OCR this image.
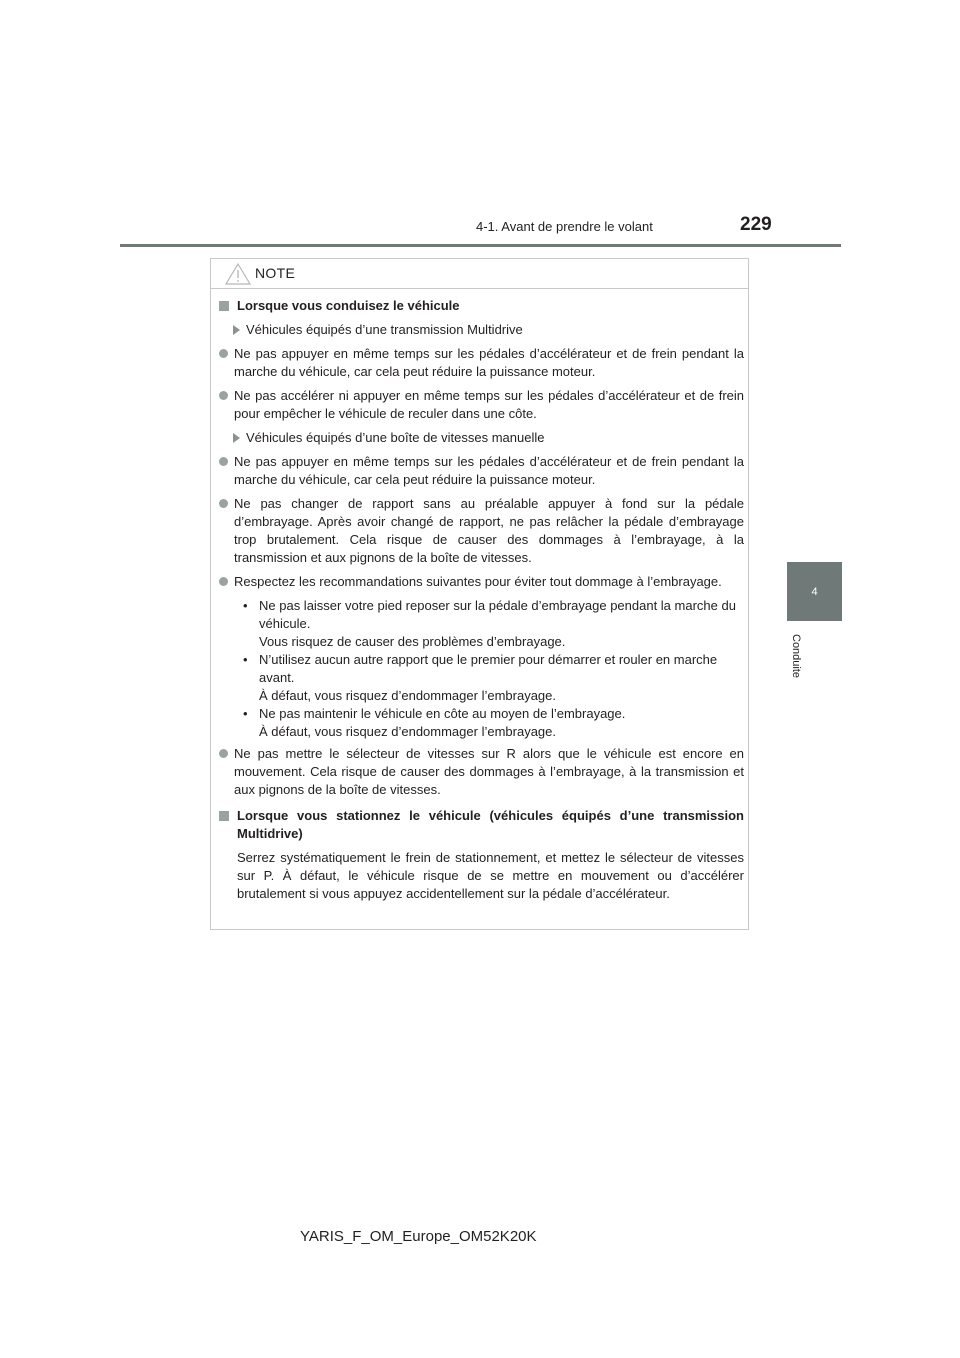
4-1. Avant de prendre le volant	229
4
Conduite
NOTE
Lorsque vous conduisez le véhicule
Véhicules équipés d’une transmission Multidrive
Ne pas appuyer en même temps sur les pédales d’accélérateur et de frein pendant la marche du véhicule, car cela peut réduire la puissance moteur.
Ne pas accélérer ni appuyer en même temps sur les pédales d’accélérateur et de frein pour empêcher le véhicule de reculer dans une côte.
Véhicules équipés d’une boîte de vitesses manuelle
Ne pas appuyer en même temps sur les pédales d’accélérateur et de frein pendant la marche du véhicule, car cela peut réduire la puissance moteur.
Ne pas changer de rapport sans au préalable appuyer à fond sur la pédale d’embrayage. Après avoir changé de rapport, ne pas relâcher la pédale d’embrayage trop brutalement. Cela risque de causer des dommages à l’embrayage, à la transmission et aux pignons de la boîte de vitesses.
Respectez les recommandations suivantes pour éviter tout dommage à l’embrayage.
• Ne pas laisser votre pied reposer sur la pédale d’embrayage pendant la marche du véhicule.
Vous risquez de causer des problèmes d’embrayage.
• N’utilisez aucun autre rapport que le premier pour démarrer et rouler en marche avant.
À défaut, vous risquez d’endommager l’embrayage.
• Ne pas maintenir le véhicule en côte au moyen de l’embrayage.
À défaut, vous risquez d’endommager l’embrayage.
Ne pas mettre le sélecteur de vitesses sur R alors que le véhicule est encore en mouvement. Cela risque de causer des dommages à l’embrayage, à la transmission et aux pignons de la boîte de vitesses.
Lorsque vous stationnez le véhicule (véhicules équipés d’une transmission Multidrive)
Serrez systématiquement le frein de stationnement, et mettez le sélecteur de vitesses sur P. À défaut, le véhicule risque de se mettre en mouvement ou d’accélérer brutalement si vous appuyez accidentellement sur la pédale d’accélérateur.
YARIS_F_OM_Europe_OM52K20K
